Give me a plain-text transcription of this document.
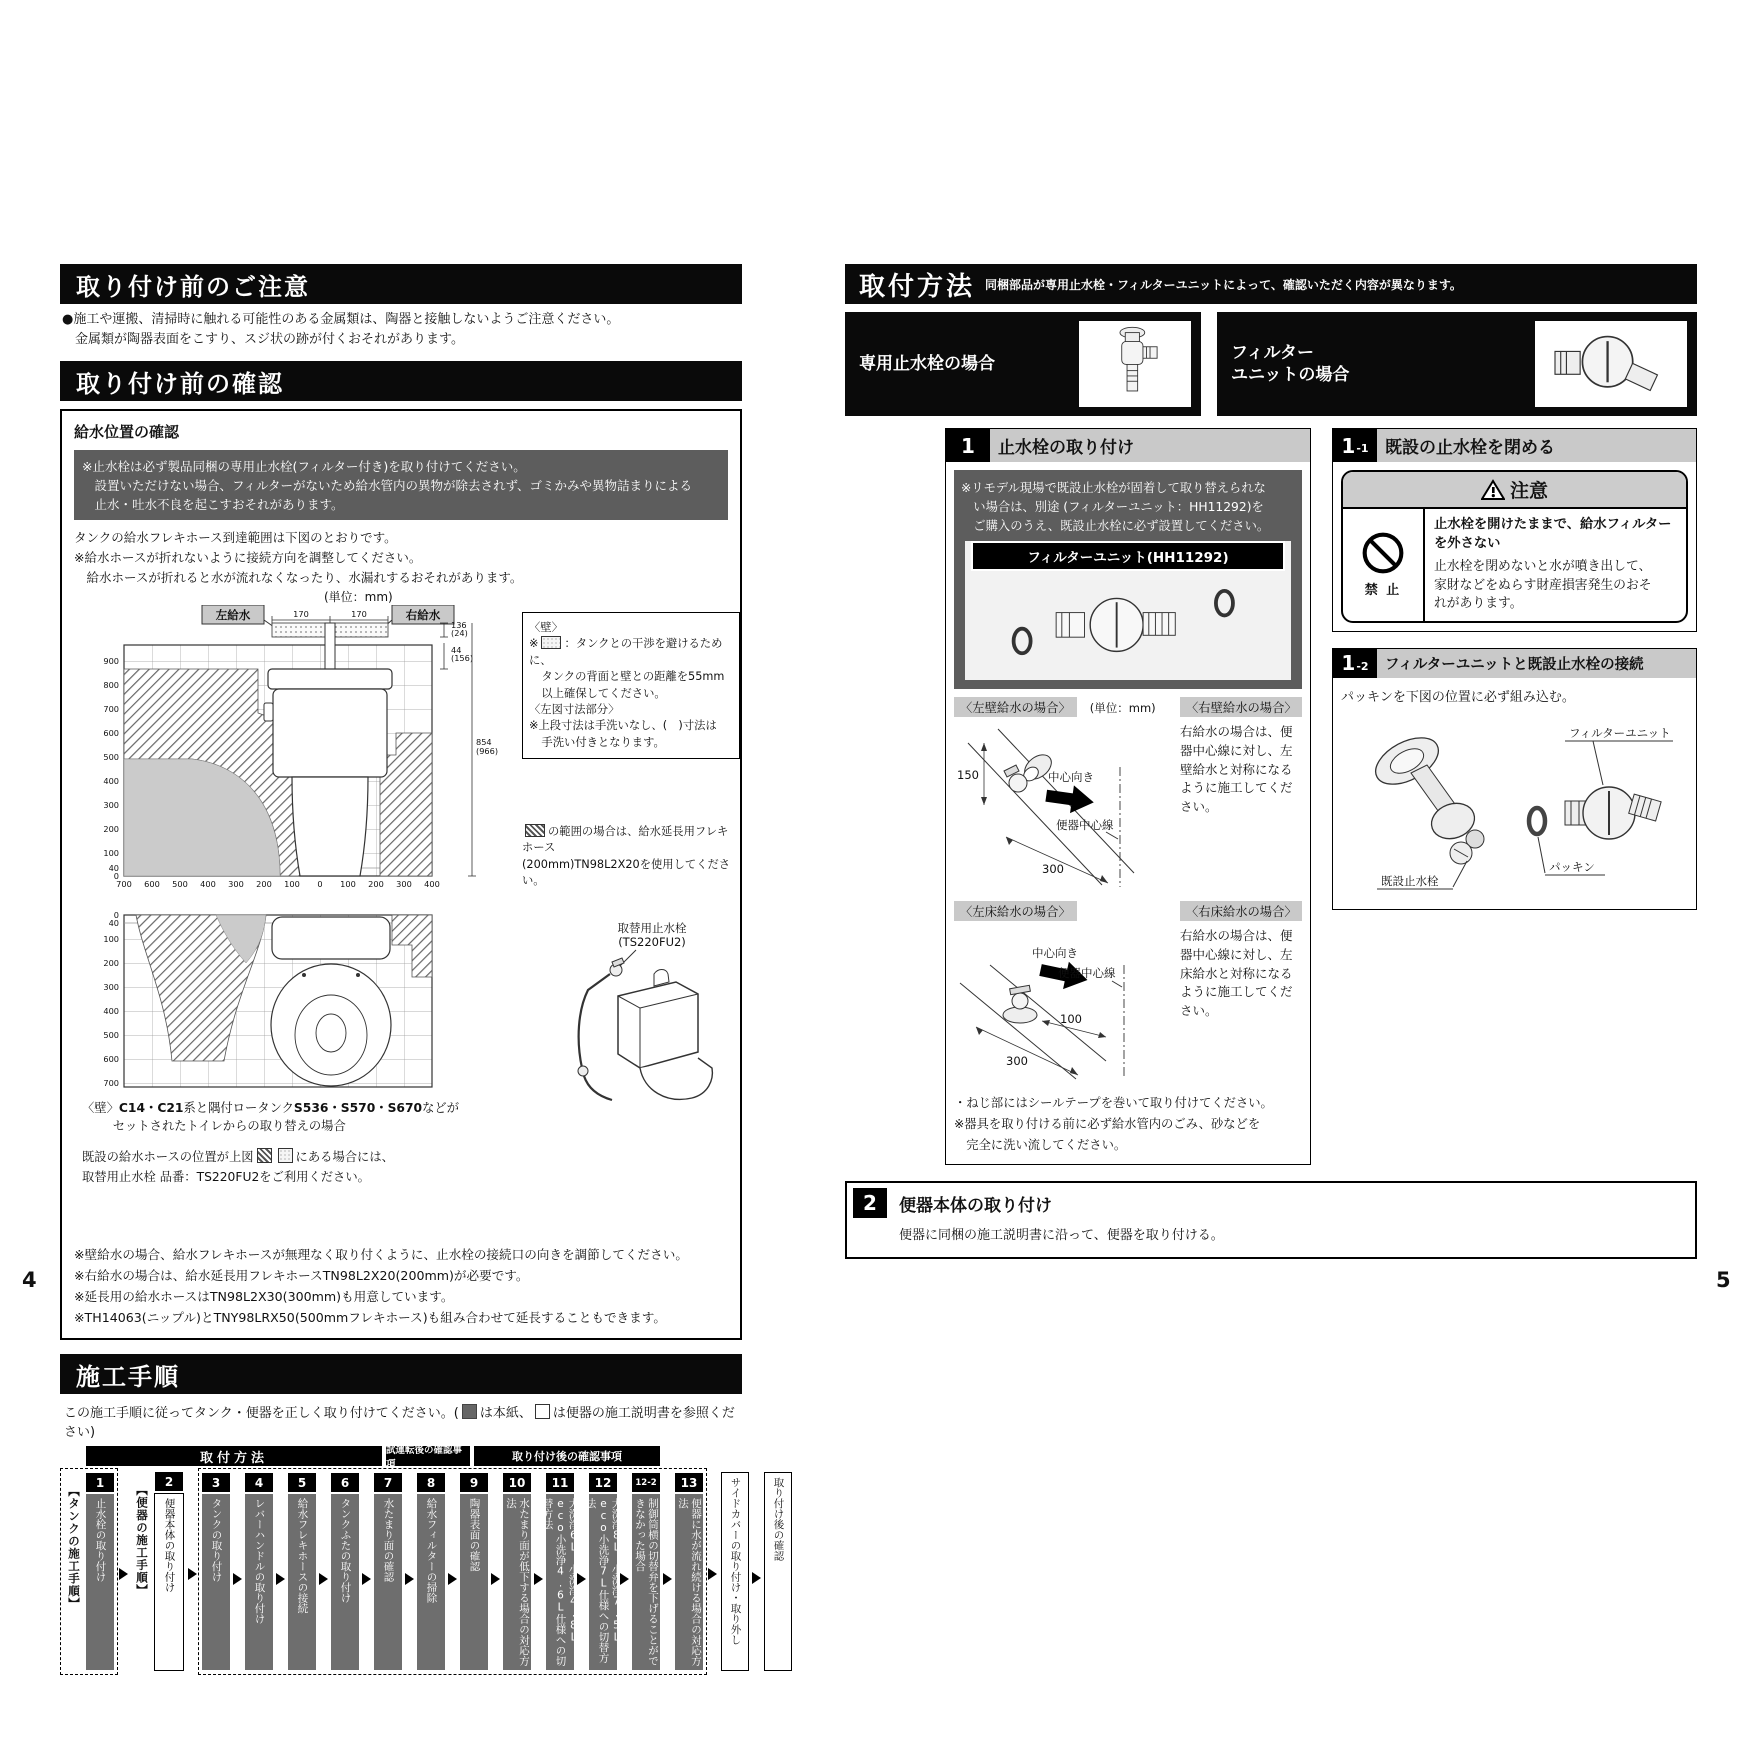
4	5
取り付け前のご注意

●施工や運搬、清掃時に触れる可能性のある金属類は、陶器と接触しないようご注意ください。

金属類が陶器表面をこすり、スジ状の跡が付くおそれがあります。

取り付け前の確認
給水位置の確認

※止水栓は必ず製品同梱の専用止水栓(フィルター付き)を取り付けてください。

設置いただけない場合、フィルターがないため給水管内の異物が除去されず、ゴミかみや異物詰まりによる

止水・吐水不良を起こすおそれがあります。

タンクの給水フレキホース到達範囲は下図のとおりです。

※給水ホースが折れないように接続方向を調整してください。

給水ホースが折れると水が流れなくなったり、水漏れするおそれがあります。

(単位：mm)
左給水	右給水
170	170
136
(24)
44
(156)
854
(966)
900
800
700
600
500
400
300
200
100
40
0
700 600 500 400 300 200 100 0 100 200 300 400
0
40
100
200
300
400
500
600
700

〈壁〉

※ ：タンクとの干渉を避けるために、

タンクの背面と壁との距離を55mm

以上確保してください。

〈左図寸法部分〉

※上段寸法は手洗いなし、(　)寸法は

手洗い付きとなります。

の範囲の場合は、給水延長用フレキホース

(200mm)TN98L2X20を使用してください。

取替用止水栓
(TS220FU2)
〈壁〉C14・C21系と隅付ロータンクS536・S570・S670などが
セットされたトイレからの取り替えの場合

既設の給水ホースの位置が上図	にある場合には、

取替用止水栓 品番：TS220FU2をご利用ください。

※壁給水の場合、給水フレキホースが無理なく取り付くように、止水栓の接続口の向きを調節してください。

※右給水の場合は、給水延長用フレキホースTN98L2X20(200mm)が必要です。

※延長用の給水ホースはTN98L2X30(300mm)も用意しています。

※TH14063(ニップル)とTNY98LRX50(500mmフレキホース)も組み合わせて延長することもできます。

施工手順

この施工手順に従ってタンク・便器を正しく取り付けてください。( は本紙、 は便器の施工説明書を参照ください)

取付方法	試運転後の確認事項
取り付け後の確認事項
【タンクの施工手順】
1
止水栓の取り付け 【便器の施工手順】
2
便器本体の取り付け
3
タンクの取り付け
4
レバーハンドルの取り付け
5
給水フレキホースの接続
6
タンクふたの取り付け
7
水たまり面の確認
8
給水フィルターの掃除
9
陶器表面の確認
10
水たまり面が低下する場合の対応方法
11
大洗浄6L、小洗浄4.8L、eco小洗浄4.6L仕様への切替方法
12
大洗浄8L、小洗浄7.5L、eco小洗浄7L仕様への切替方法
12-2
制御筒横の切替弁を下げることができなかった場合
13
便器に水が流れ続ける場合の対応方法	サイドカバーの取り付け・取り外し	取り付け後の確認
取付方法 同梱部品が専用止水栓・フィルターユニットによって、確認いただく内容が異なります。
専用止水栓の場合
フィルター
ユニットの場合
1	止水栓の取り付け

※リモデル現場で既設止水栓が固着して取り替えられな

い場合は、別途 (フィルターユニット：HH11292)を

ご購入のうえ、既設止水栓に必ず設置してください。

フィルターユニット(HH11292)
〈左壁給水の場合〉 (単位：mm)
150	中心向き
便器中心線
300
〈右壁給水の場合〉

右給水の場合は、便器中心線に対し、左壁給水と対称になるように施工してください。

〈左床給水の場合〉
中心向き
便器中心線
100
300
〈右床給水の場合〉

右給水の場合は、便器中心線に対し、左床給水と対称になるように施工してください。

・ねじ部にはシールテープを巻いて取り付けてください。

※器具を取り付ける前に必ず給水管内のごみ、砂などを

完全に洗い流してください。

1 -1 既設の止水栓を閉める
注意
禁 止

止水栓を開けたままで、給水フィルター
を外さない

止水栓を閉めないと水が噴き出して、
家財などをぬらす財産損害発生のおそ
れがあります。

1 -2	フィルターユニットと既設止水栓の接続

パッキンを下図の位置に必ず組み込む。

フィルターユニット
パッキン
既設止水栓
2	便器本体の取り付け
便器に同梱の施工説明書に沿って、便器を取り付ける。
